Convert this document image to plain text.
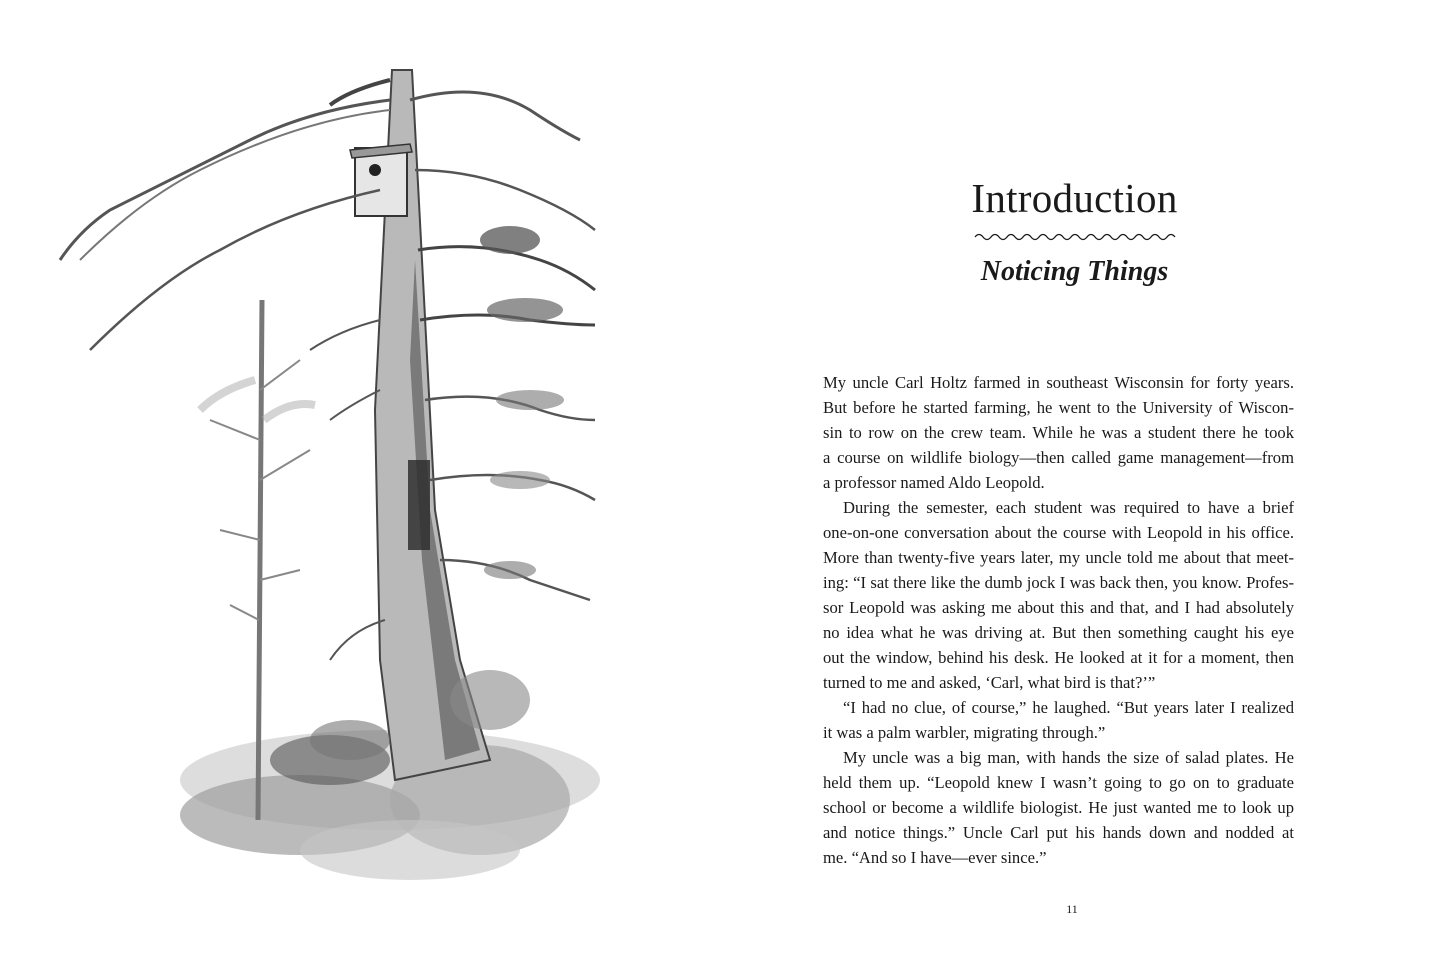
Introduction
Noticing Things
My uncle Carl Holtz farmed in southeast Wisconsin for forty years.
But before he started farming, he went to the University of Wiscon-
sin to row on the crew team. While he was a student there he took
a course on wildlife biology—then called game management—from
a professor named Aldo Leopold.
During the semester, each student was required to have a brief
one-on-one conversation about the course with Leopold in his office.
More than twenty-five years later, my uncle told me about that meet-
ing: “I sat there like the dumb jock I was back then, you know. Profes-
sor Leopold was asking me about this and that, and I had absolutely
no idea what he was driving at. But then something caught his eye
out the window, behind his desk. He looked at it for a moment, then
turned to me and asked, ‘Carl, what bird is that?’”
“I had no clue, of course,” he laughed. “But years later I realized
it was a palm warbler, migrating through.”
My uncle was a big man, with hands the size of salad plates. He
held them up. “Leopold knew I wasn’t going to go on to graduate
school or become a wildlife biologist. He just wanted me to look up
and notice things.” Uncle Carl put his hands down and nodded at
me. “And so I have—ever since.”
11
